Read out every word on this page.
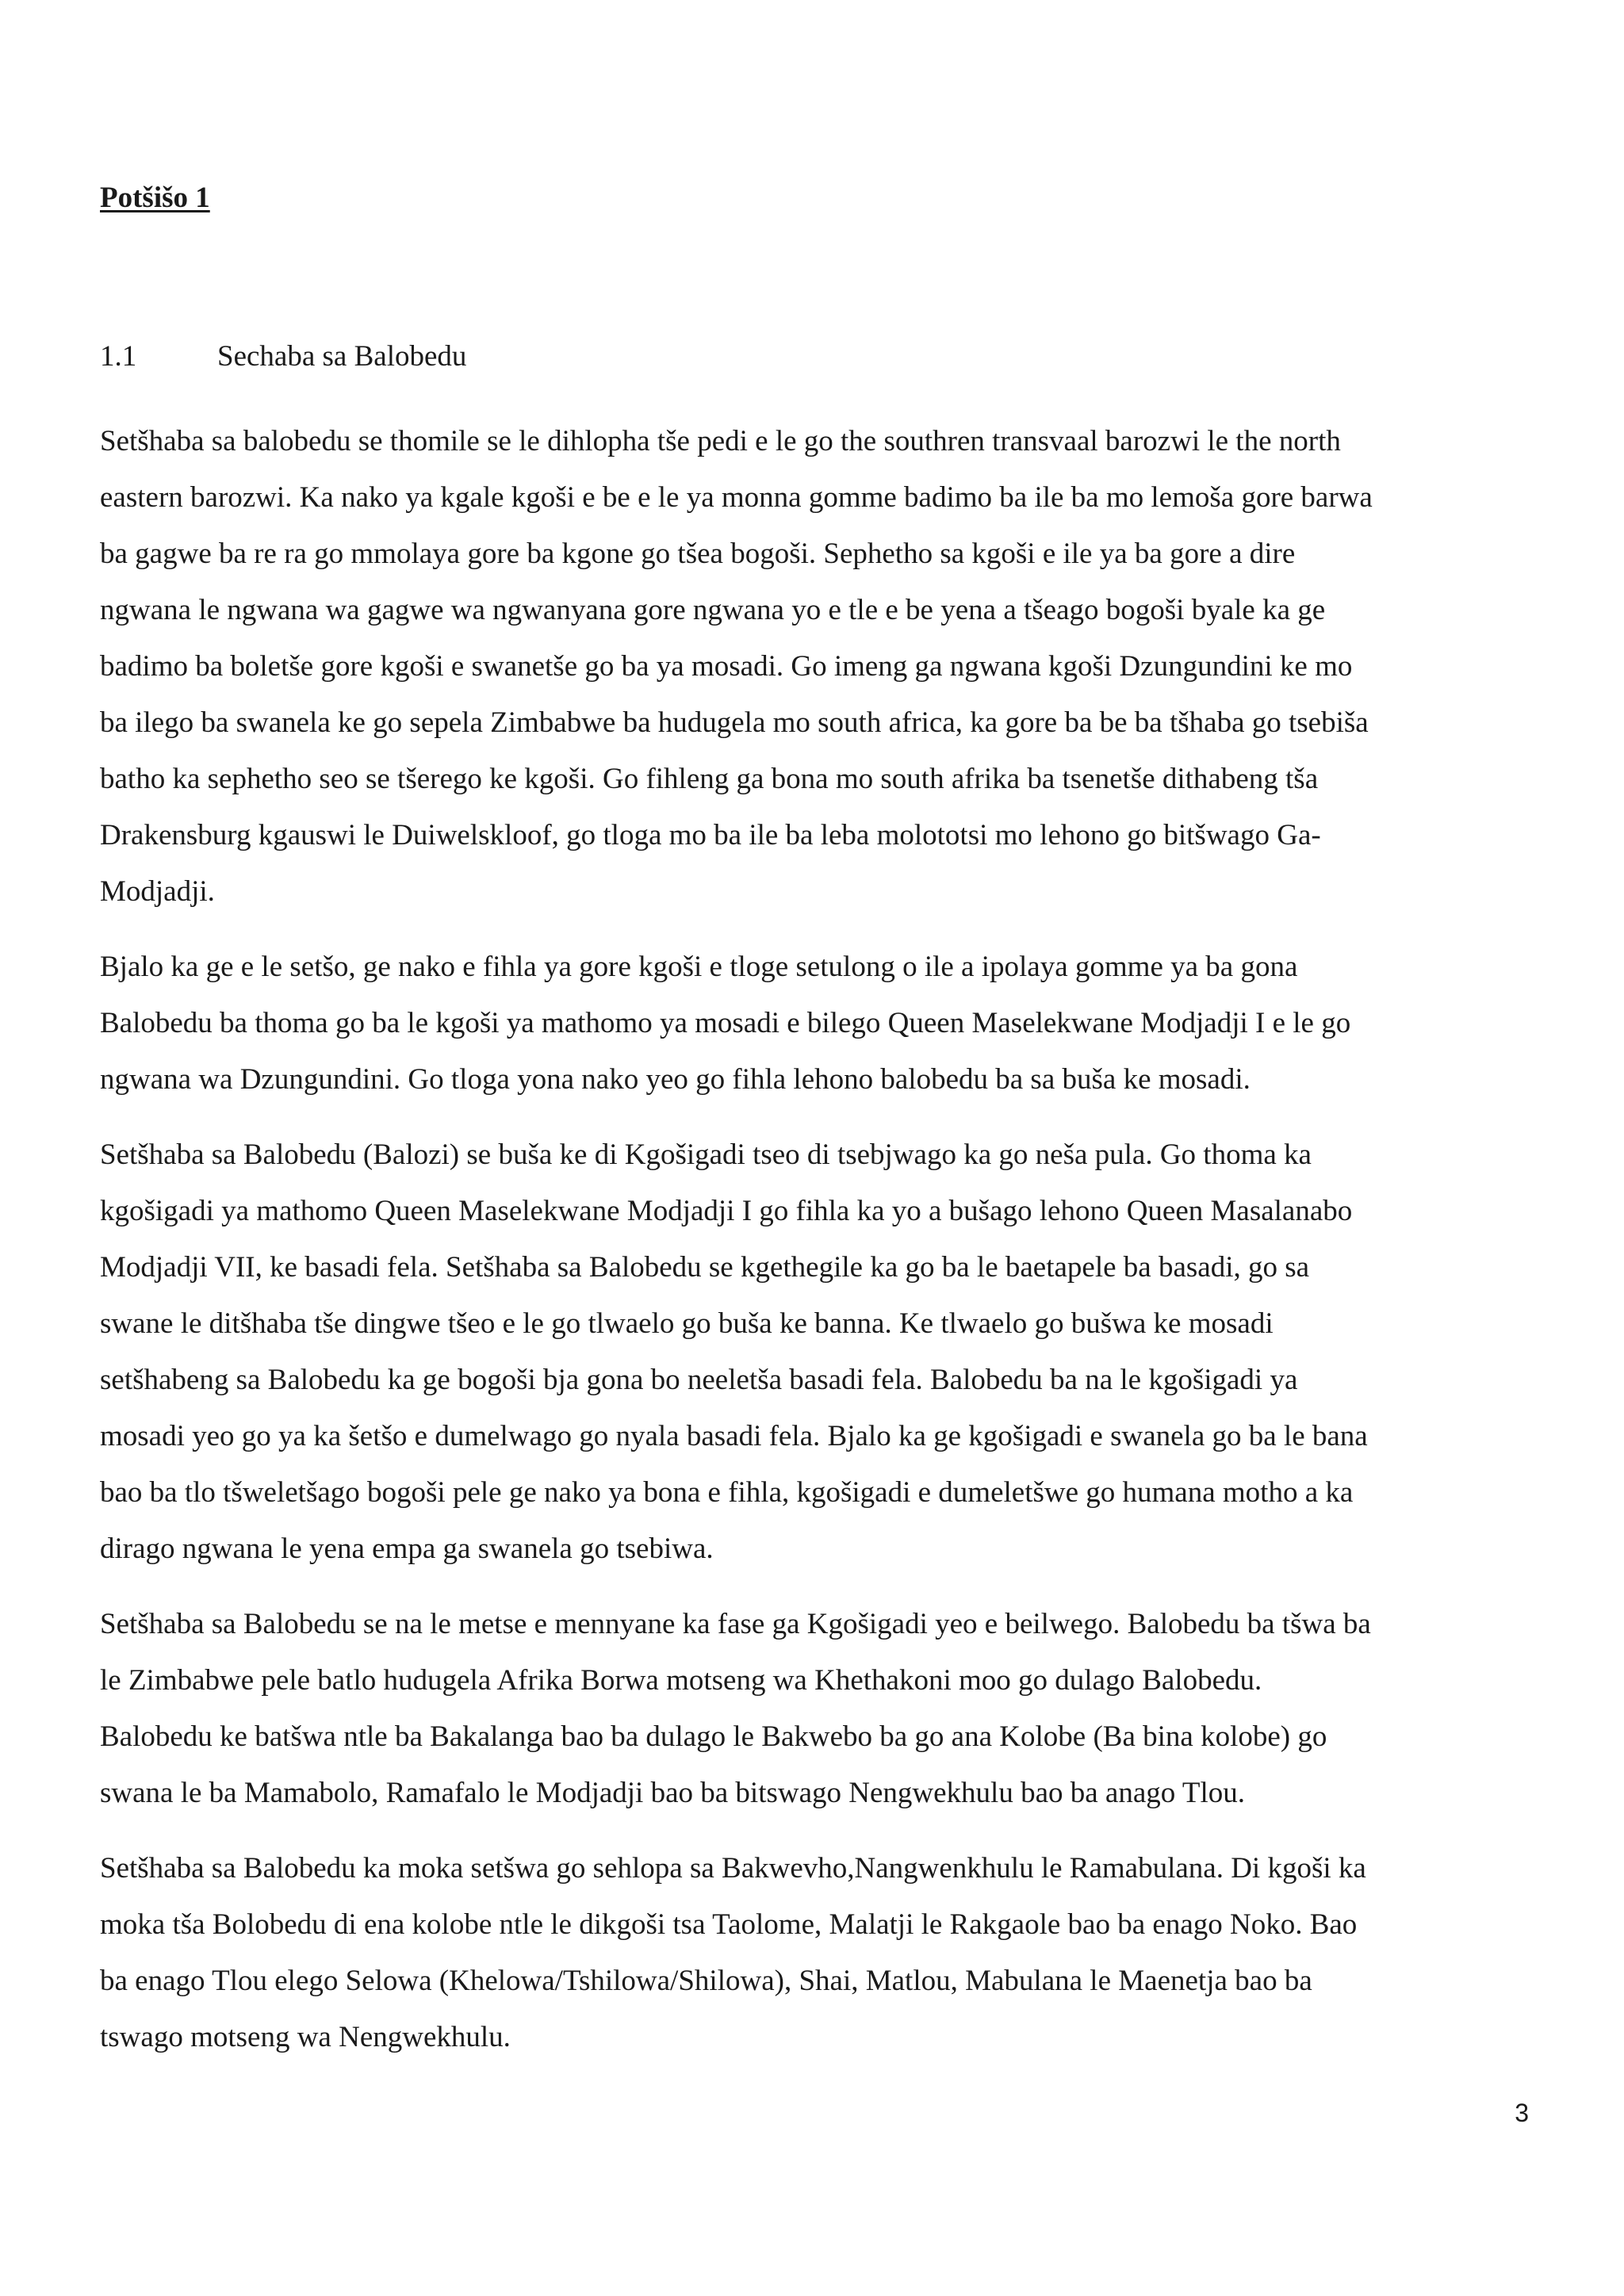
Potšišo 1
1.1	Sechaba sa Balobedu

Setšhaba sa balobedu se thomile se le dihlopha tše pedi e le go the southren transvaal barozwi le the north
eastern barozwi. Ka nako ya kgale kgoši e be e le ya monna gomme badimo ba ile ba mo lemoša gore barwa
ba gagwe ba re ra go mmolaya gore ba kgone go tšea bogoši. Sephetho sa kgoši e ile ya ba gore a dire
ngwana le ngwana wa gagwe wa ngwanyana gore ngwana yo e tle e be yena a tšeago bogoši byale ka ge
badimo ba boletše gore kgoši e swanetše go ba ya mosadi. Go imeng ga ngwana kgoši Dzungundini ke mo
ba ilego ba swanela ke go sepela Zimbabwe ba hudugela mo south africa, ka gore ba be ba tšhaba go tsebiša
batho ka sephetho seo se tšerego ke kgoši. Go fihleng ga bona mo south afrika ba tsenetše dithabeng tša
Drakensburg kgauswi le Duiwelskloof, go tloga mo ba ile ba leba molototsi mo lehono go bitšwago Ga-
Modjadji.

Bjalo ka ge e le setšo, ge nako e fihla ya gore kgoši e tloge setulong o ile a ipolaya gomme ya ba gona
Balobedu ba thoma go ba le kgoši ya mathomo ya mosadi e bilego Queen Maselekwane Modjadji I e le go
ngwana wa Dzungundini. Go tloga yona nako yeo go fihla lehono balobedu ba sa buša ke mosadi.

Setšhaba sa Balobedu (Balozi) se buša ke di Kgošigadi tseo di tsebjwago ka go neša pula. Go thoma ka
kgošigadi ya mathomo Queen Maselekwane Modjadji I go fihla ka yo a bušago lehono Queen Masalanabo
Modjadji VII, ke basadi fela. Setšhaba sa Balobedu se kgethegile ka go ba le baetapele ba basadi, go sa
swane le ditšhaba tše dingwe tšeo e le go tlwaelo go buša ke banna. Ke tlwaelo go bušwa ke mosadi
setšhabeng sa Balobedu ka ge bogoši bja gona bo neeletša basadi fela. Balobedu ba na le kgošigadi ya
mosadi yeo go ya ka šetšo e dumelwago go nyala basadi fela. Bjalo ka ge kgošigadi e swanela go ba le bana
bao ba tlo tšweletšago bogoši pele ge nako ya bona e fihla, kgošigadi e dumeletšwe go humana motho a ka
dirago ngwana le yena empa ga swanela go tsebiwa.

Setšhaba sa Balobedu se na le metse e mennyane ka fase ga Kgošigadi yeo e beilwego. Balobedu ba tšwa ba
le Zimbabwe pele batlo hudugela Afrika Borwa motseng wa Khethakoni moo go dulago Balobedu.
Balobedu ke batšwa ntle ba Bakalanga bao ba dulago le Bakwebo ba go ana Kolobe (Ba bina kolobe) go
swana le ba Mamabolo, Ramafalo le Modjadji bao ba bitswago Nengwekhulu bao ba anago Tlou.

Setšhaba sa Balobedu ka moka setšwa go sehlopa sa Bakwevho,Nangwenkhulu le Ramabulana. Di kgoši ka
moka tša Bolobedu di ena kolobe ntle le dikgoši tsa Taolome, Malatji le Rakgaole bao ba enago Noko. Bao
ba enago Tlou elego Selowa (Khelowa/Tshilowa/Shilowa), Shai, Matlou, Mabulana le Maenetja bao ba
tswago motseng wa Nengwekhulu.

3
